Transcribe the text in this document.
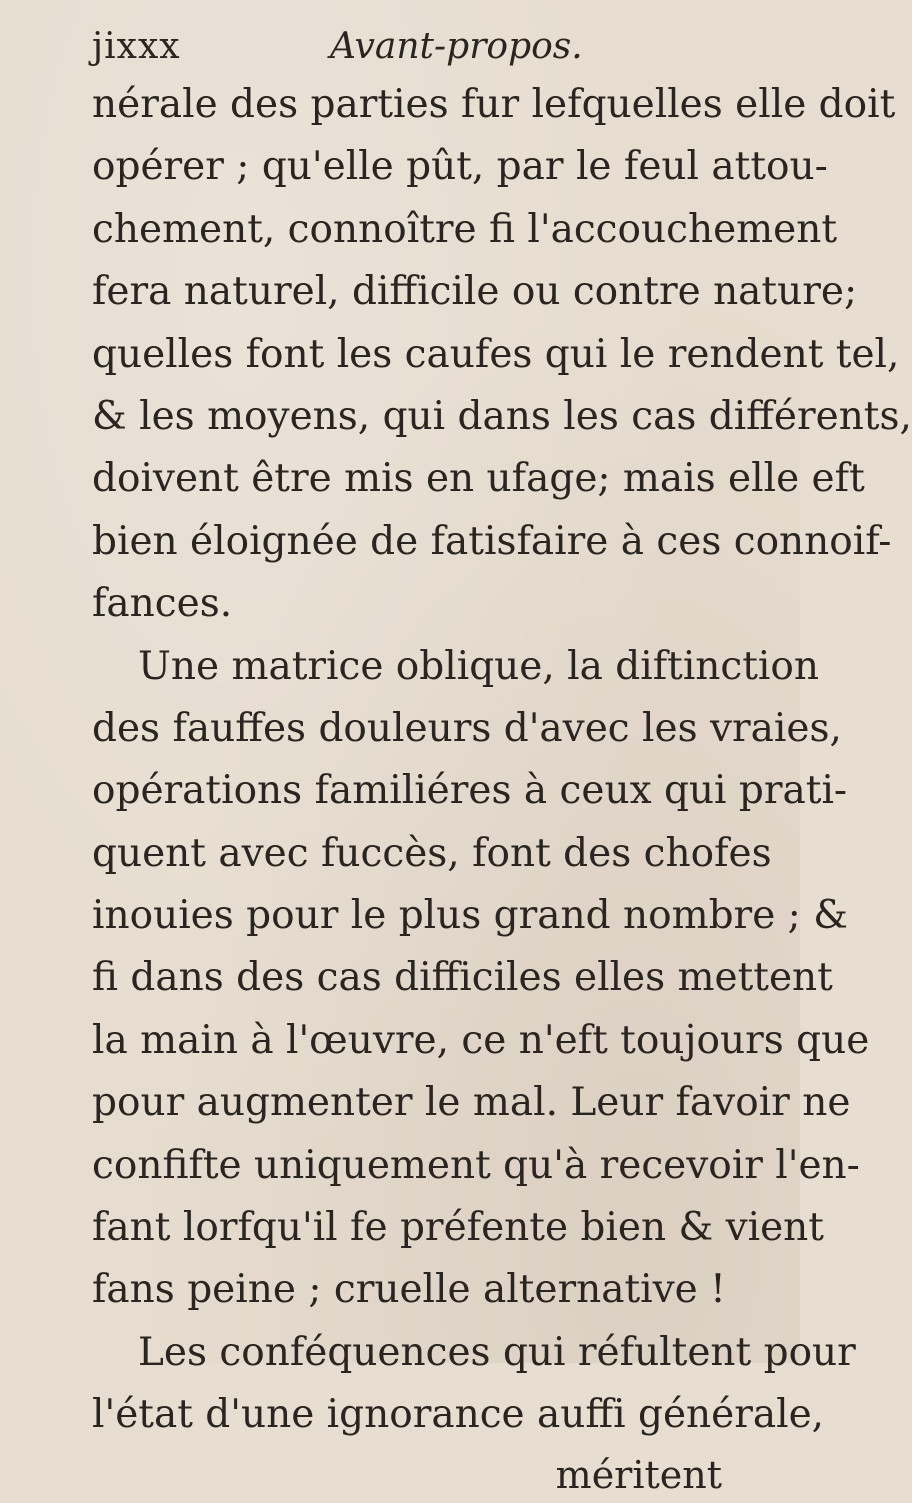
jixxx	Avant-propos.
nérale des parties fur lefquelles elle doit
opérer ; qu'elle pût, par le feul attou-
chement, connoître fi l'accouchement
fera naturel, difficile ou contre nature;
quelles font les caufes qui le rendent tel,
& les moyens, qui dans les cas différents,
doivent être mis en ufage; mais elle eft
bien éloignée de fatisfaire à ces connoif-
fances.
Une matrice oblique, la diftinction
des fauffes douleurs d'avec les vraies,
opérations familiéres à ceux qui prati-
quent avec fuccès, font des chofes
inouies pour le plus grand nombre ; &
fi dans des cas difficiles elles mettent
la main à l'œuvre, ce n'eft toujours que
pour augmenter le mal. Leur favoir ne
confifte uniquement qu'à recevoir l'en-
fant lorfqu'il fe préfente bien & vient
fans peine ; cruelle alternative !
Les conféquences qui réfultent pour
l'état d'une ignorance auffi générale,
méritent
